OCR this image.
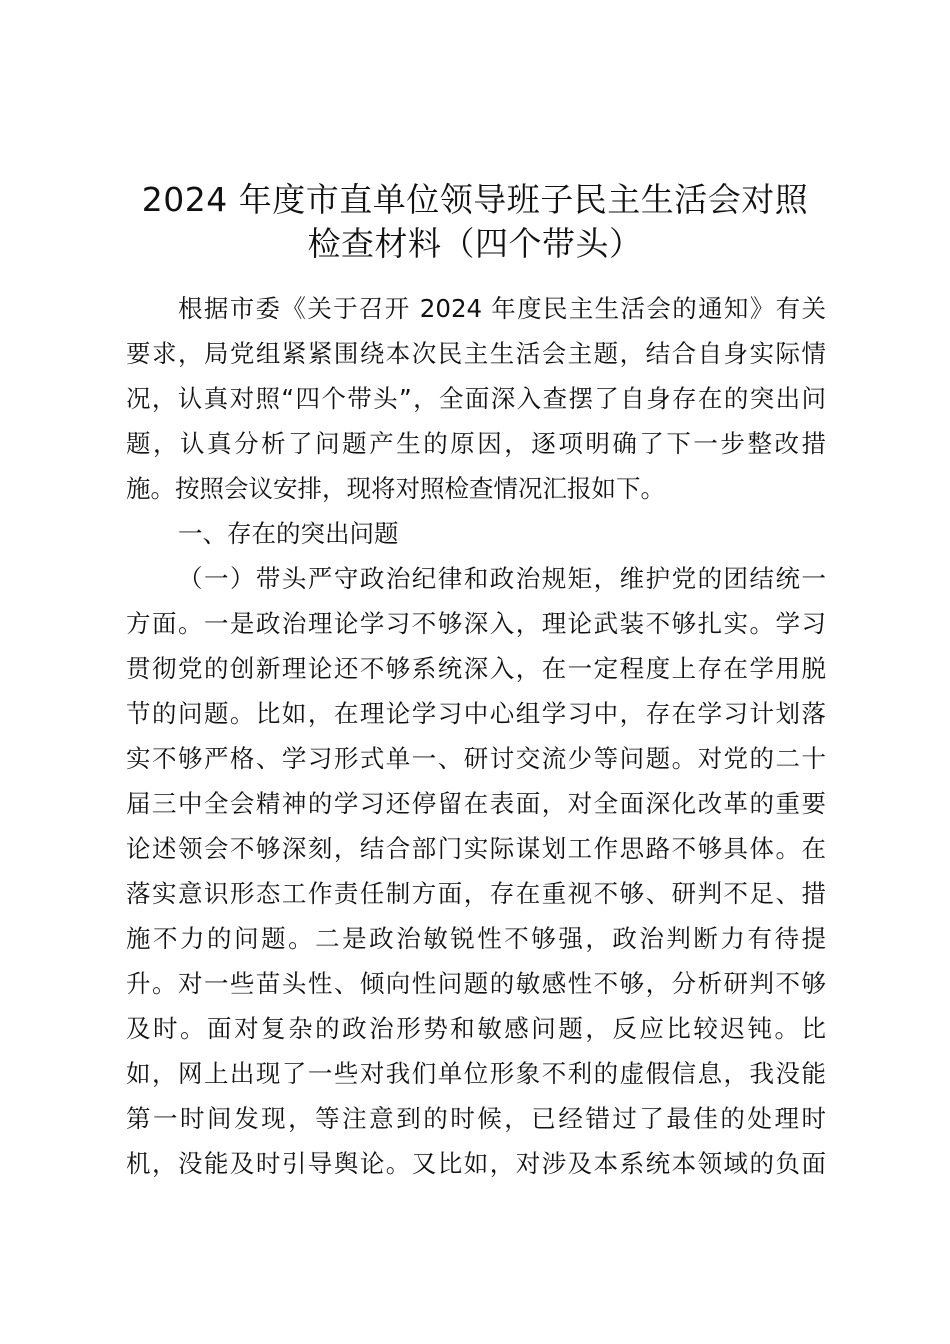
2024 年度市直单位领导班子民主生活会对照
检查材料（四个带头）
根据市委《关于召开 2024 年度民主生活会的通知》有关
要求，局党组紧紧围绕本次民主生活会主题，结合自身实际情
况，认真对照“四个带头”，全面深入查摆了自身存在的突出问
题，认真分析了问题产生的原因，逐项明确了下一步整改措
施。按照会议安排，现将对照检查情况汇报如下。
一、存在的突出问题
（一）带头严守政治纪律和政治规矩，维护党的团结统一
方面。一是政治理论学习不够深入，理论武装不够扎实。学习
贯彻党的创新理论还不够系统深入，在一定程度上存在学用脱
节的问题。比如，在理论学习中心组学习中，存在学习计划落
实不够严格、学习形式单一、研讨交流少等问题。对党的二十
届三中全会精神的学习还停留在表面，对全面深化改革的重要
论述领会不够深刻，结合部门实际谋划工作思路不够具体。在
落实意识形态工作责任制方面，存在重视不够、研判不足、措
施不力的问题。二是政治敏锐性不够强，政治判断力有待提
升。对一些苗头性、倾向性问题的敏感性不够，分析研判不够
及时。面对复杂的政治形势和敏感问题，反应比较迟钝。比
如，网上出现了一些对我们单位形象不利的虚假信息，我没能
第一时间发现，等注意到的时候，已经错过了最佳的处理时
机，没能及时引导舆论。又比如，对涉及本系统本领域的负面
